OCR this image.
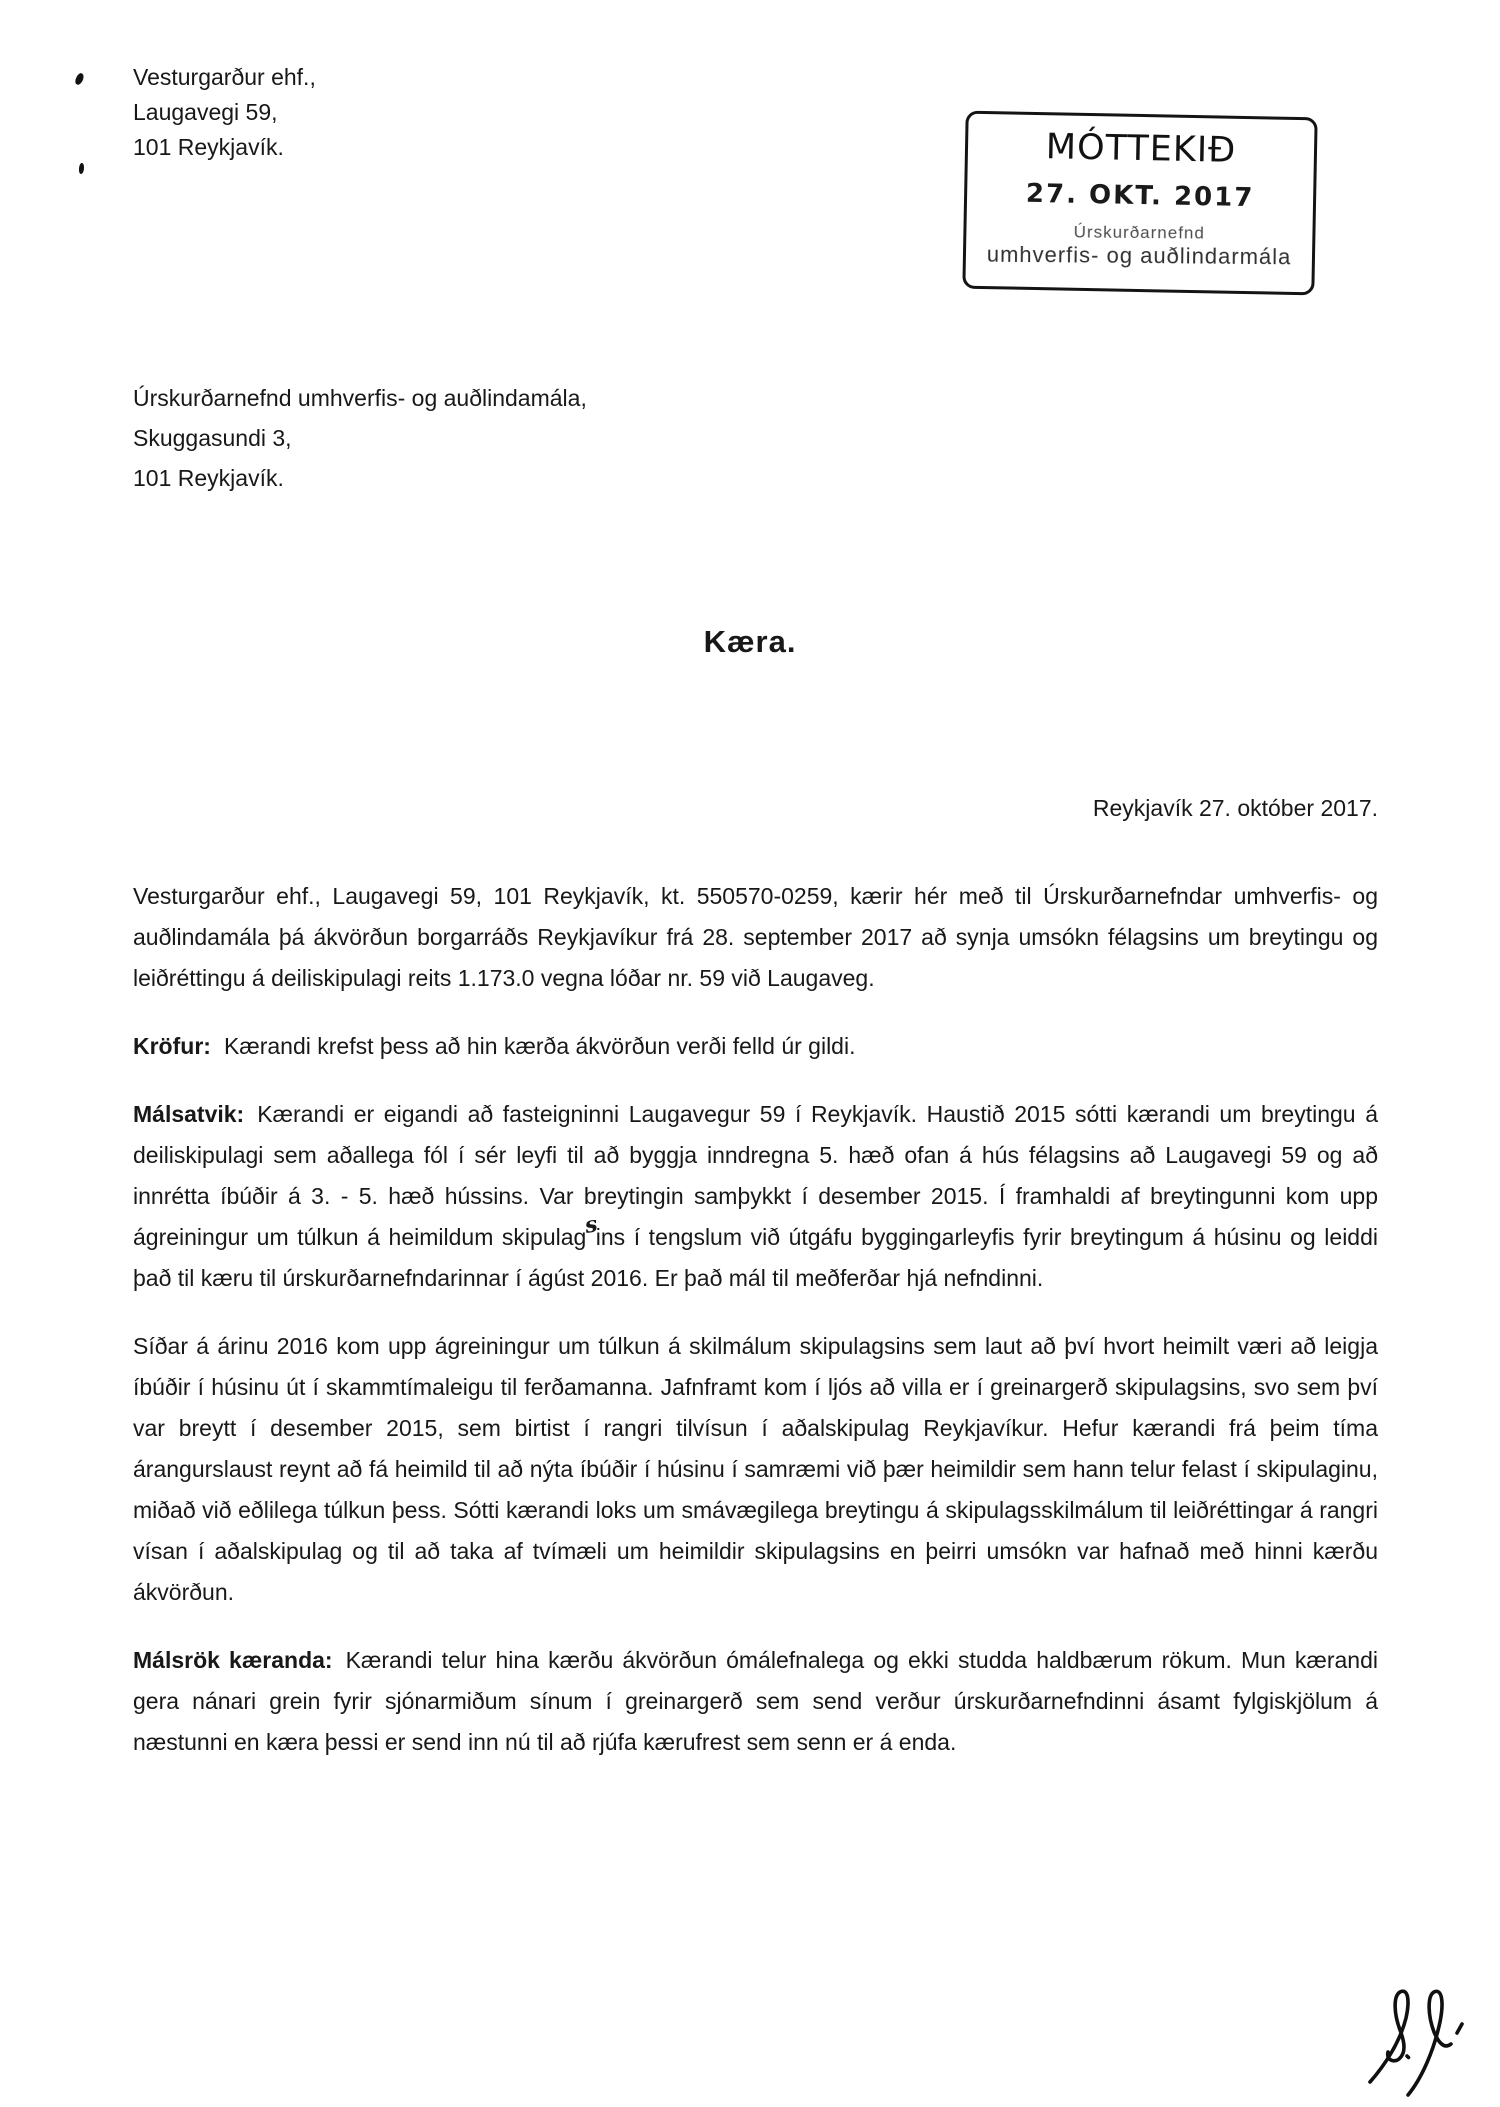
Vesturgarður ehf.,
Laugavegi 59,
101 Reykjavík.	MÓTTEKIÐ
27. OKT. 2017
Úrskurðarnefnd
umhverfis- og auðlindarmála
Úrskurðarnefnd umhverfis- og auðlindamála,
Skuggasundi 3,
101 Reykjavík.
Kæra.
Reykjavík 27. október 2017.

Vesturgarður ehf., Laugavegi 59, 101 Reykjavík, kt. 550570-0259, kærir hér með til Úrskurðarnefndar umhverfis- og auðlindamála þá ákvörðun borgarráðs Reykjavíkur frá 28. september 2017 að synja umsókn félagsins um breytingu og leiðréttingu á deiliskipulagi reits 1.173.0 vegna lóðar nr. 59 við Laugaveg.

Kröfur: Kærandi krefst þess að hin kærða ákvörðun verði felld úr gildi.

Málsatvik: Kærandi er eigandi að fasteigninni Laugavegur 59 í Reykjavík. Haustið 2015 sótti kærandi um breytingu á deiliskipulagi sem aðallega fól í sér leyfi til að byggja inndregna 5. hæð ofan á hús félagsins að Laugavegi 59 og að innrétta íbúðir á 3. - 5. hæð hússins. Var breytingin samþykkt í desember 2015. Í framhaldi af breytingunni kom upp ágreiningur um túlkun á heimildum skipulagsins í tengslum við útgáfu byggingarleyfis fyrir breytingum á húsinu og leiddi það til kæru til úrskurðarnefndarinnar í ágúst 2016. Er það mál til meðferðar hjá nefndinni.

Síðar á árinu 2016 kom upp ágreiningur um túlkun á skilmálum skipulagsins sem laut að því hvort heimilt væri að leigja íbúðir í húsinu út í skammtímaleigu til ferðamanna. Jafnframt kom í ljós að villa er í greinargerð skipulagsins, svo sem því var breytt í desember 2015, sem birtist í rangri tilvísun í aðalskipulag Reykjavíkur. Hefur kærandi frá þeim tíma árangurslaust reynt að fá heimild til að nýta íbúðir í húsinu í samræmi við þær heimildir sem hann telur felast í skipulaginu, miðað við eðlilega túlkun þess. Sótti kærandi loks um smávægilega breytingu á skipulagsskilmálum til leiðréttingar á rangri vísan í aðalskipulag og til að taka af tvímæli um heimildir skipulagsins en þeirri umsókn var hafnað með hinni kærðu ákvörðun.

Málsrök kæranda: Kærandi telur hina kærðu ákvörðun ómálefnalega og ekki studda haldbærum rökum. Mun kærandi gera nánari grein fyrir sjónarmiðum sínum í greinargerð sem send verður úrskurðarnefndinni ásamt fylgiskjölum á næstunni en kæra þessi er send inn nú til að rjúfa kærufrest sem senn er á enda.
